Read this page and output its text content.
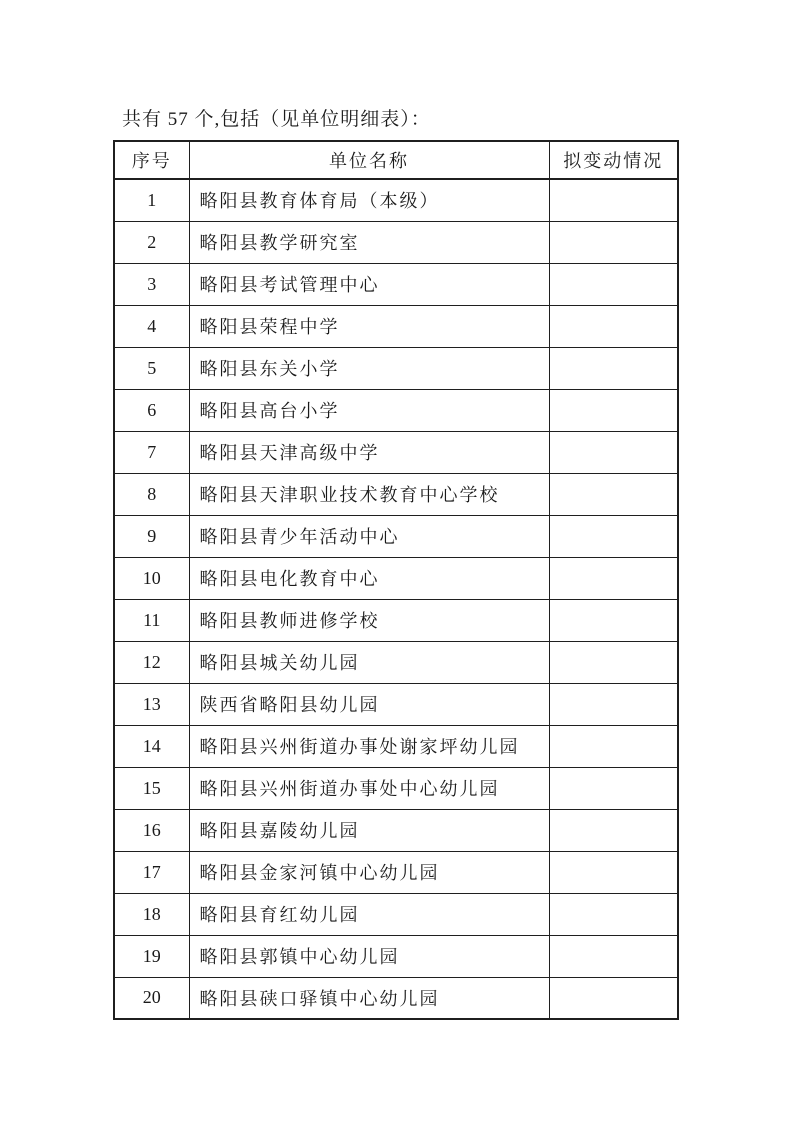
共有 57 个,包括（见单位明细表）：

序号	单位名称	拟变动情况
1	略阳县教育体育局（本级）	
2	略阳县教学研究室	
3	略阳县考试管理中心	
4	略阳县荣程中学	
5	略阳县东关小学	
6	略阳县高台小学	
7	略阳县天津高级中学	
8	略阳县天津职业技术教育中心学校	
9	略阳县青少年活动中心	
10	略阳县电化教育中心	
11	略阳县教师进修学校	
12	略阳县城关幼儿园	
13	陕西省略阳县幼儿园	
14	略阳县兴州街道办事处谢家坪幼儿园	
15	略阳县兴州街道办事处中心幼儿园	
16	略阳县嘉陵幼儿园	
17	略阳县金家河镇中心幼儿园	
18	略阳县育红幼儿园	
19	略阳县郭镇中心幼儿园	
20	略阳县硖口驿镇中心幼儿园	
